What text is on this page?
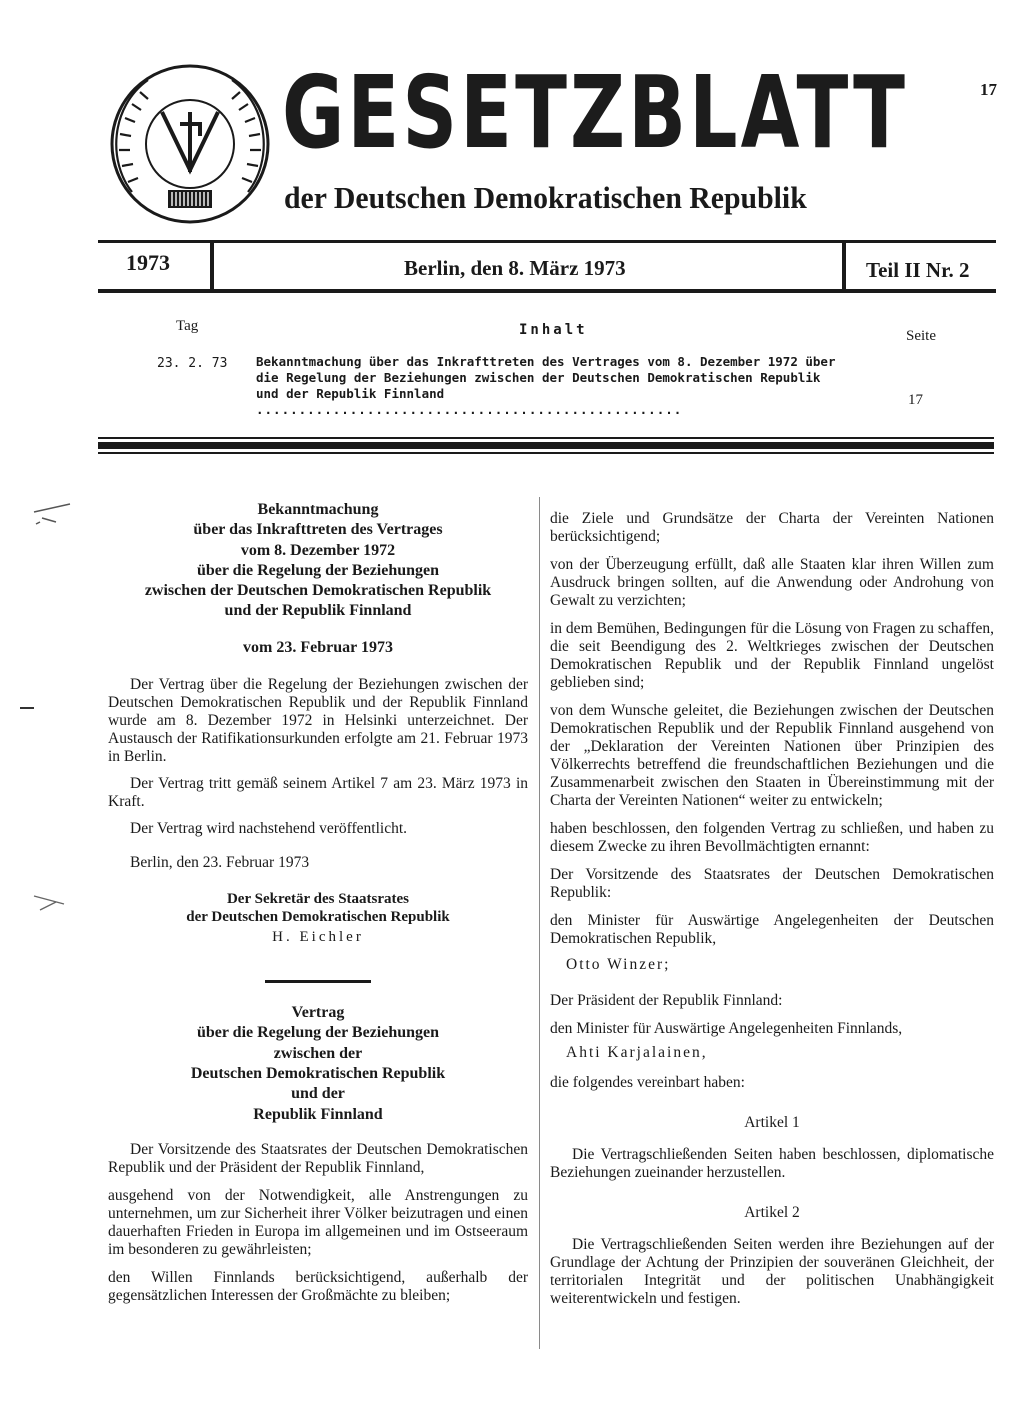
GESETZBLATT
der Deutschen Demokratischen Republik
17
1973	Berlin, den 8. März 1973	Teil II Nr. 2
Tag	Inhalt	Seite
23. 2. 73 Bekanntmachung über das Inkrafttreten des Vertrages vom 8. Dezember 1972 über
die Regelung der Beziehungen zwischen der Deutschen Demokratischen Republik
und der Republik Finnland ..................................................
17
Bekanntmachung
über das Inkrafttreten des Vertrages
vom 8. Dezember 1972
über die Regelung der Beziehungen
zwischen der Deutschen Demokratischen Republik
und der Republik Finnland
vom 23. Februar 1973

Der Vertrag über die Regelung der Beziehungen zwischen der Deutschen Demokratischen Republik und der Republik Finnland wurde am 8. Dezember 1972 in Helsinki unterzeichnet. Der Austausch der Ratifikationsurkunden erfolgte am 21. Februar 1973 in Berlin.

Der Vertrag tritt gemäß seinem Artikel 7 am 23. März 1973 in Kraft.

Der Vertrag wird nachstehend veröffentlicht.

Berlin, den 23. Februar 1973

Der Sekretär des Staatsrates
der Deutschen Demokratischen Republik
H. Eichler
Vertrag
über die Regelung der Beziehungen
zwischen der
Deutschen Demokratischen Republik
und der
Republik Finnland

Der Vorsitzende des Staatsrates der Deutschen Demokratischen Republik und der Präsident der Republik Finnland,

ausgehend von der Notwendigkeit, alle Anstrengungen zu unternehmen, um zur Sicherheit ihrer Völker beizutragen und einen dauerhaften Frieden in Europa im allgemeinen und im Ostseeraum im besonderen zu gewährleisten;

den Willen Finnlands berücksichtigend, außerhalb der gegensätzlichen Interessen der Großmächte zu bleiben;

die Ziele und Grundsätze der Charta der Vereinten Nationen berücksichtigend;

von der Überzeugung erfüllt, daß alle Staaten klar ihren Willen zum Ausdruck bringen sollten, auf die Anwendung oder Androhung von Gewalt zu verzichten;

in dem Bemühen, Bedingungen für die Lösung von Fragen zu schaffen, die seit Beendigung des 2. Weltkrieges zwischen der Deutschen Demokratischen Republik und der Republik Finnland ungelöst geblieben sind;

von dem Wunsche geleitet, die Beziehungen zwischen der Deutschen Demokratischen Republik und der Republik Finnland ausgehend von der „Deklaration der Vereinten Nationen über Prinzipien des Völkerrechts betreffend die freundschaftlichen Beziehungen und die Zusammenarbeit zwischen den Staaten in Übereinstimmung mit der Charta der Vereinten Nationen“ weiter zu entwickeln;

haben beschlossen, den folgenden Vertrag zu schließen, und haben zu diesem Zwecke zu ihren Bevollmächtigten ernannt:

Der Vorsitzende des Staatsrates der Deutschen Demokratischen Republik:

den Minister für Auswärtige Angelegenheiten der Deutschen Demokratischen Republik,

Otto Winzer;

Der Präsident der Republik Finnland:

den Minister für Auswärtige Angelegenheiten Finnlands,

Ahti Karjalainen,

die folgendes vereinbart haben:

Artikel 1

Die Vertragschließenden Seiten haben beschlossen, diplomatische Beziehungen zueinander herzustellen.

Artikel 2

Die Vertragschließenden Seiten werden ihre Beziehungen auf der Grundlage der Achtung der Prinzipien der souveränen Gleichheit, der territorialen Integrität und der politischen Unabhängigkeit weiterentwickeln und festigen.
